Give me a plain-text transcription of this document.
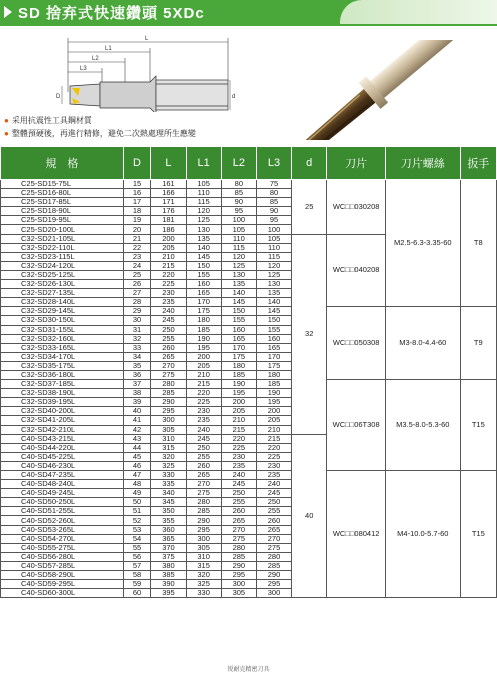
SD 捨弃式快速鑽頭 5XDc
L
L1
L2
L3
D	d
● 采用抗震性工具鋼材質
● 整體預硬後，再進行精修，避免二次熱處理所生應變
規　格	D	L	L1	L2	L3	d	刀片	刀片螺絲	扳手
C25-SD15-75L	15	161	105	80	75	25	WC□□030208	M2.5-6.3-3.35-60	T8
C25-SD16-80L	16	166	110	85	80				
C25-SD17-85L	17	171	115	90	85				
C25-SD18-90L	18	176	120	95	90				
C25-SD19-95L	19	181	125	100	95				
C25-SD20-100L	20	186	130	105	100				
C32-SD21-105L	21	200	135	110	105	32	WC□□040208		
C32-SD22-110L	22	205	140	115	110				
C32-SD23-115L	23	210	145	120	115				
C32-SD24-120L	24	215	150	125	120				
C32-SD25-125L	25	220	155	130	125				
C32-SD26-130L	26	225	160	135	130				
C32-SD27-135L	27	230	165	140	135				
C32-SD28-140L	28	235	170	145	140				
C32-SD29-145L	29	240	175	150	145		WC□□050308	M3-8.0-4.4-60	T9
C32-SD30-150L	30	245	180	155	150				
C32-SD31-155L	31	250	185	160	155				
C32-SD32-160L	32	255	190	165	160				
C32-SD33-165L	33	260	195	170	165				
C32-SD34-170L	34	265	200	175	170				
C32-SD35-175L	35	270	205	180	175				
C32-SD36-180L	36	275	210	185	180				
C32-SD37-185L	37	280	215	190	185		WC□□06T308	M3.5-8.0-5.3-60	T15
C32-SD38-190L	38	285	220	195	190				
C32-SD39-195L	39	290	225	200	195				
C32-SD40-200L	40	295	230	205	200				
C32-SD41-205L	41	300	235	210	205				
C32-SD42-210L	42	305	240	215	210				
C40-SD43-215L	43	310	245	220	215	40			
C40-SD44-220L	44	315	250	225	220				
C40-SD45-225L	45	320	255	230	225				
C40-SD46-230L	46	325	260	235	230				
C40-SD47-235L	47	330	265	240	235		WC□□080412	M4-10.0-5.7-60	T15
C40-SD48-240L	48	335	270	245	240				
C40-SD49-245L	49	340	275	250	245				
C40-SD50-250L	50	345	280	255	250				
C40-SD51-255L	51	350	285	260	255				
C40-SD52-260L	52	355	290	265	260				
C40-SD53-265L	53	360	295	270	265				
C40-SD54-270L	54	365	300	275	270				
C40-SD55-275L	55	370	305	280	275				
C40-SD56-280L	56	375	310	285	280				
C40-SD57-285L	57	380	315	290	285				
C40-SD58-290L	58	385	320	295	290				
C40-SD59-295L	59	390	325	300	295				
C40-SD60-300L	60	395	330	305	300				
锐耐克精密刀具
